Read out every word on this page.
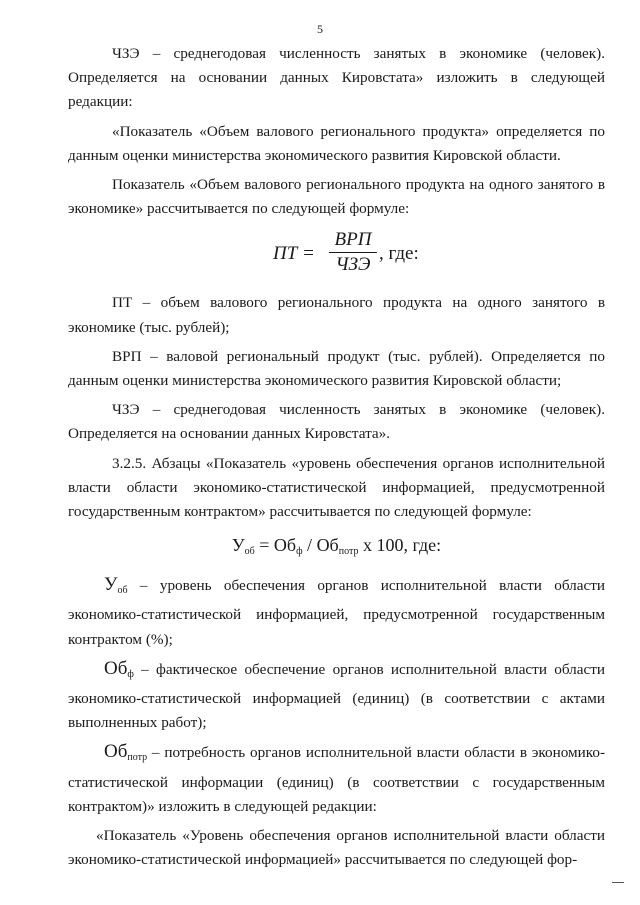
5

ЧЗЭ – среднегодовая численность занятых в экономике (человек). Определяется на основании данных Кировстата» изложить в следующей редакции:

«Показатель «Объем валового регионального продукта» определяется по данным оценки министерства экономического развития Кировской области.

Показатель «Объем валового регионального продукта на одного занятого в экономике» рассчитывается по следующей формуле:

ПТ =
ВРП
ЧЗЭ
, где:

ПТ – объем валового регионального продукта на одного занятого в экономике (тыс. рублей);

ВРП – валовой региональный продукт (тыс. рублей). Определяется по данным оценки министерства экономического развития Кировской области;

ЧЗЭ – среднегодовая численность занятых в экономике (человек). Определяется на основании данных Кировстата».

3.2.5. Абзацы «Показатель «уровень обеспечения органов исполнительной власти области экономико-статистической информацией, предусмотренной государственным контрактом» рассчитывается по следующей формуле:

$У_{об} = Об_ф / Об_{потр}$ х 100, где:

$У_{об}$ – уровень обеспечения органов исполнительной власти области экономико-статистической информацией, предусмотренной государственным контрактом (%);

$Об_ф$ – фактическое обеспечение органов исполнительной власти области экономико-статистической информацией (единиц) (в соответствии с актами выполненных работ);

$Об_{потр}$ – потребность органов исполнительной власти области в экономико-статистической информации (единиц) (в соответствии с государственным контрактом)» изложить в следующей редакции:

«Показатель «Уровень обеспечения органов исполнительной власти области экономико-статистической информацией» рассчитывается по следующей фор-
